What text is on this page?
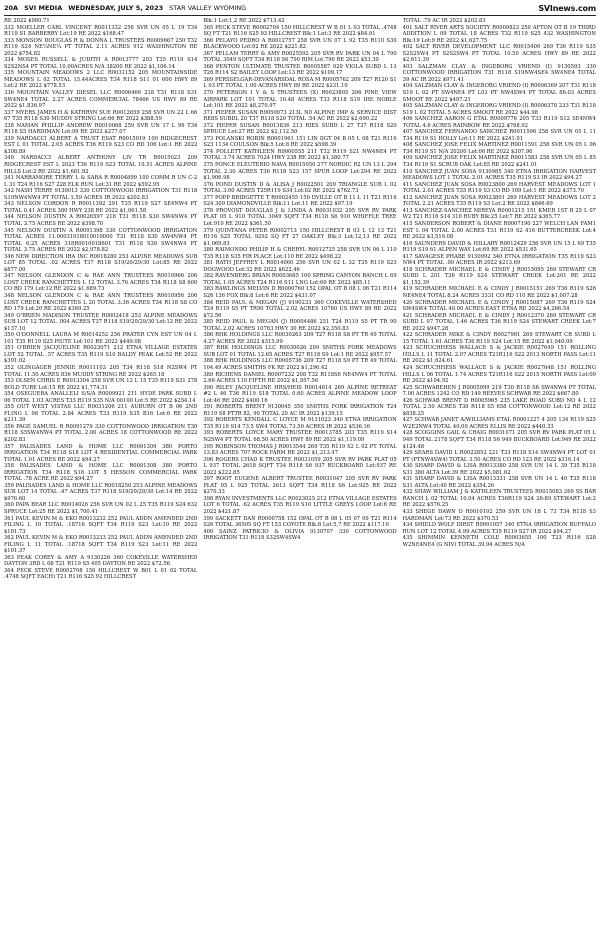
20A SVI MEDIA WEDNESDAY, JULY 5, 2023 STAR VALLEY WYOMING	SVInews.com

RE 2022 $980.71

332 MOELLER CARL VINCENT R0011332 258 SVR UN 05 L 19 T34 R119 S1 BARBERRY Lot:19 RE 2022 $168.47

333 MONSON DOUGLAS R & DONNA L TRUSTEES R0009667 250 T32 R119 S24 NE¼NE¼ PT TOTAL 2.11 ACRES 912 WASHINGTON RE 2022 $754.82

334 MOSES RUSSELL & JUDITH A R0013777 203 T35 R119 S14 S2S2NS4 PT TOTAL 10.00ACRES N/A 38200 RE 2022 $1,106.14

335 MOUNTAIN MEADOWS 2 LLC R0031152 205 MOUNTAINSIDE MEADOWS L 02 TOTAL 15.44ACRES T34 R118 S11 01 600 HWY 89 Lot:2 RE 2022 $778.53

336 MOUNTAIN VALLEY DIESEL LLC R0006466 218 T31 R118 S31 SW4NE4 TOTAL 2.27 ACRES COMMERCIAL 78466 US HWY 89 RE 2022 $1,836.97

337 MYERS JAMES H & KATHRYN SUE R0012659 258 SVR UN 22 L 66 67 T35 R118 S30 MUDDY STRING Lot:66 RE 2022 $388.59

338 NAMAN PHILLIP ANDREW R0010068 259 SVR UN 17 L 99 T34 R118 S5 HARDIMAN Lot:99 RE 2022 $277.07

339 NARDACCI ALBERT A TRUST ESAT R0015019 100 RIDGECREST EST L 01 TOTAL 2.05 ACRES T36 R119 S23 CO RD 106 Lot:1 RE 2022 $308.89

340 NARDACCI ALBERT ANTHONY LIV TR R0015023 209 RIDGECREST EST L 2023 T36 R119 S23 TOTAL 10.51 ACRES ALPINE HILLS Lot:2 RE 2022 $1,681.92

341 NARRAMORE TERRY L & SARA R R0004899 100 COMM R UN C-2 L 31 T24 R116 S27 228 ELK RUN Lot:31 RE 2022 $592.95

342 NASH TERRY 9130013 330 COTTONWOOD IRRIGATION T31 R118 S19NW4NW4 PT TOTAL 1.59 ACRES IR 2022 $202.83

343 NELSON CORDON R R0011392 291 T35 R119 S27 SE4NW4 PT TOTAL 0.41 ACRES 380 HWY 238 RE 2022 $1,061.58

344 NELSON DUSTIN A R0026597 218 T31 R118 S30 SW4NW4 PT TOTAL 3.75 ACRES RE 2022 $398.70

345 NELSON DUSTIN A R0091398 330 COTTONWOOD IRRIGATION TOTAL ACRES 11.00031018010010000 T31 R118 S30 SW4NW4 PT TOTAL 6.25 ACRES 318R0010018601 T31 R118 S30 SW4NW4 PT TOTAL 3.75 ACRES RE 2022 $2,978.82

346 NEW DIRECTION IRA INC R0018280 253 ALPINE MEADOWS SUB LOT 85 TOTAL .02 ACRES T37 R118 S19/20/29/30 Lot:85 RE 2022 $877.00

347 NELSON GLENDON C & RAE ANN TRUSTEES R0010966 206 LOST CREEK RANCHETTES L 12 TOTAL 3.76 ACRES T34 R118 S8 600 CO RD 179 Lot:12 RE 2022 $1,689.73

348 NELSON GLENDON C & RAE ANN TRUSTEES R0010956 206 LOST CREEK RANCHETTES L 20 TOTAL 3.36 ACRES T34 R118 S8 CO RD 179 Lot:20 RE 2022 $369.25

349 O'BRIEN MADISON TRUSTEE R0002418 253 ALPINE MEADOWS SUB LOT 12 TOTAL .004 ACRES T37 R118 S19/20/29/30 Lot:12 RE 2022 $137.10

350 O'DONNELL LAURA M R0014252 256 PRATER CYN EST UN 04 L 101 T35 R119 S25 PIUTE Lot:101 RE 2022 $449.08

351 O'BRIEN JACQUELINE R0023071 212 ETNA VILLAGE ESTATES LOT 52 TOTAL .57 ACRES T35 R119 S10 BALDY PEAK Lot:52 RE 2022 $391.02

352 OLINGAGER JENNIE R0011103 205 T34 R118 S18 N2SW4 PT TOTAL 11.50 ACRES 836 MUDDY STRING RE 2022 $265.18

353 OLSEN CHRIS E R0013304 258 SVR UN 12 L 15 T35 R119 S31 278 BOLD TURE Lot:15 RE 2022 $1,774.31

354 OSEGUERA ANALLELI S/S/A R0009921 211 HYDE PARK SUBD L 06 TOTAL 1.03 ACRES T33 R119 S35 N/A 00100 Lot:5 RE 2022 $254.14

355 OUT WEST VISTAS LLC R0031206 211 AUBURN OT B 06 2ND FLING L 06 TOTAL 2.84 ACRES T33 R119 S35 B16 Lot:6 RE 2022 $211.39

356 PAGE SAMUEL R R0091279 330 COTTONWOOD IRRIGATION T30 R118 S5SW4NW4 PT TOTAL 2.00 ACRES 18 COTTONWOOD RE 2022 $202.83

357 PALISADES LAND & HOME LLC R0091309 380 PORTO IRRIGATION T34 R118 S18 LOT 4 RESIDENTIAL COMMERCIAL PARK TOTAL 1.01 ACRES RE 2022 $94.27

358 PALISADES LAND & HOME LLC R0091308 380 PORTO IRRIGATION T34 R118 S18 LOT 5 HESSON COMMERCIAL PARK TOTAL .78 ACRE RE 2022 $94.27

359 PALISADES LAND & HOME LLC R0018250 253 ALPINE MEADOWS SUB LOT 14 TOTAL .47 ACRES T37 R118 S19/20/29/30 Lot:14 RE 2022 $976.60

360 PAPA BEAR LLC R0014026 256 SVR UN 02 L 25 T35 R119 S24 632 SPRUCE Lot:25 RE 2022 $1,700.41

361 PAUL KEVIN M & EKO R0013232 252 PAUL ADDN AMENDED 2ND FILING L 10 TOTAL .18716 SQFT T34 R119 S23 Lot:10 RE 2022 $101.73

362 PAUL KEVIN M & EKO R0013233 252 PAUL ADDN AMENDED 2ND FILING L 11 TOTAL .18718 SQFT T34 R119 S23 Lot:11 RE 2022 $101.37

363 PEAK COREY & AMY A 9130226 360 COKEVILLE WATERSHED DAYTON 3RD L 08 T21 R119 S5 405 DAYTON RE 2022 $72.56

364 PECK STEVE R0002708 150 HILLCREST W B01 L 01 02 TOTAL .4748 SQFT EACH) T21 R116 S25 92 HILLCREST

Blk:1 Lot:1,2 RE 2022 $713.42

365 PECK STEVE R0002704 150 HILLCREST W B 01 L 03 TOTAL .4748 SQ FT T21 R116 S25 93 HILLCREST Blk:1 Lot:3 RE 2022 $84.91

366 PELAYO PEDRO A R0012757 258 SVR UN 07 L 92 T35 R110 S30 BLACKWOOD Lot:92 RE 2022 $221.82

367 PELLAM TERRY & AMY R0025592 205 SVR RV PARK UN 04 L 790 TOTAL 3049 SQFT T34 R118 S6 790 RIM Lot:790 RE 2022 $53.30

368 PENTON ULTIMATE TRUSTEE R0005587 920 VIOLA SUBD L 13 T26 R114 S2 BAILEY LOOP Lot:13 RE 2022 $109.17

369 PERSSELGAR-DEVANARSDAL ROSA M R0005762 209 T27 R120 S1 L 03 PT TOTAL 1.00 ACRES HWY 89 RE 2022 $231.10

370 PETERSON I V & S TRUSTEES (X) R0023805 206 PINE VIEW AIRPARK LOT 101 TOTAL 10.48 ACRES T33 R118 S19 IHE NOBLE Lot:101 RE 2022 $8,270.97

371 PIEPER SUSAN R9050073 213L N0 ALPINE IMP & SERVICE DIST RE8S SUBDL 20 T37 R118 S20 TOTAL .54 AC RE 2022 $2,690.22

372 PIEPER SUSAN R0013836 213 RIES SUBD L 27 T37 R118 S20 SPRUCE Lot:27 RE 2022 $2,112.50

373 POLANSKI ROBIN R0001961 151 LIN IIGT 04 B 05 L 08 T21 R116 S23 1134 COULSON Blk:5 Lot:8 RE 2022 $598.39

374 POLLETT KATHLEEN R0000555 211 T32 R119 S21 NW4NE4 PT TOTAL 3.74 ACRES 7024 HWY 238 RE 2022 $1,380.77

375 PONCE ELEUTERIO NAVA R0015050 277 NORDIC R2 UN 13 L 294 TOTAL 2.30 ACRES T36 R118 S23 157 SPUR LOOP Lot:294 RE 2022 $1,906.98

376 POND DUSTIN D & ALISA J R0022501 209 TRIANGLE SUB L 02 TOTAL 3.00 ACRES T25R119 S34 Lot:02 RE 2022 $762.73

377 POPP BRIDGETTE T R0002455 150 DVILLE OT B 11 L 11 T21 R116 S24 309 DIAMONDVILLE Blk:11 Lot:11 RE 2022 $97.19

378 PROVOST DOUGLAS J & LINDA A R0031032 205 SVR RV PARK PLAT 05 L 910 TOTAL 3049 SQFT T34 R118 S6 910 WHIFFLE TREE Lot:910 RE 2022 $361.50

379 QUINTANA PETER R0002713 150 HILLCREST B 03 L 12 13 T21 R116 S25 TOTAL 9292 SQ FT 27 OAKLEY Blk:3 Lot:12,13 RE 2022 $1,069.83

380 RAIMONDO PHILIP H & CHERYL R0012725 258 SVR UN 06 L 110 T35 R118 S35 FIR PLACE Lot:110 RE 2022 $498.22

381 RATH JEFFREY L R0014060 256 SVR UN 02 L 32 T35 R119 S23 DOGWOOD Lot:32 RE 2022 $622.46

382 RAVENBERG BRIAN R0003685 100 SPRING CANYON RANCH L 69 TOTAL 1.05 ACRES T24 R116 S11 LNG Lot:69 RE 2022 $85.11

383 RAWLINGS MELVIN D R0000760 152 OPAL OT B 08 L 06 T21 R114 S26 136 FOX Blk:8 Lot:6 RE 2022 $431.07

384 REID PAUL & MEGAN (J) 9190233 360 COKEVILLE WATERSHED T24 R119 S5 PT TR90 TOTAL 2.02 ACRES 10760 US HWY 89 RE 2022 $72.56

385 REID PAUL & MEGAN (J) R0004486 251 T24 R119 S5 PT TR 90 TOTAL 2.02 ACRES 10763 HWY 30 RE 2022 $2,350.83

386 RHK HOLDINGS LLC R0030263 209 T27 R118 S8 PT TR 49 TOTAL 4.27 ACRES RE 2022 $315.99

387 RHK HOLDINGS LLC R0030026 209 SMITHS FORK MEADOWS SUB LOT 01 TOTAL 12.65 ACRES T27 R118 S9 Lot:1 RE 2022 $957.57

388 RHK HOLDINGS LLC R0005736 209 T27 R118 S9 PT TR 49 TOTAL 104.49 ACRES SMITHS FK RE 2022 $1,296.42

389 RICHENS DANIEL R0007232 208 T32 R118S6 NE4NW4 PT TOTAL 2.66 ACRES 110 FIFTH RE 2022 $1,957.56

390 RILEY JACQUELINE HRS/HEIS R0014614 269 ALPINE RETREAT #2 L 46 T36 R119 S18 TOTAL 0.60 ACRES ALPINE MEADOW LOOP Lot:46 RE 2022 $400.16

391 ROBERTS BRENT 9130045 350 SMITHS FORK IRRIGATION T24 R119 S8 PTTR 82, 90 TOTAL 20 AC IR 2022 $139.15

392 ROBERTS KENDALL C LOYCE M 9131023 340 ETNA IRRIGATION T35 R119 S14 73.5 SW4 TOTAL 73.50 ACRES IR 2022 $536.16

393 ROBERTS LOYCE MARY TRUSTEE R0013785 203 T35 R119 S14 N2SW4 PT TOTAL 68.50 ACRES HWY 89 RE 2022 $1,119.09

395 ROBINSON THOMAS J R0013544 269 T35 R119 S2 L 02 PT TOTAL 13.83 ACRES 707 ROCK FARM RE 2022 $1,213.47

396 ROGERS CHAD K TRUSTEE R0031059 205 SVR RV PARK PLAT 05 L 937 TOTAL 2618 SQFT T34 R118 S6 937 BUCKBOARD Lot:937 RE 2022 $222.85

397 ROOT EUGENE ALBERT TRUSTEE R0031047 205 SVR RV PARK PLAT 05 L 925 TOTAL 2613 SQFT T34 R118 S6 Lot:925 RE 2022 $270.33

398 RYAN INVESTMENTS LLC R0023025 212 ETNA VILLAGE ESTATES LOT 6 TOTAL .62 ACRES T35 R119 S10 LITTLE GREYS LOOP Lot:6 RE 2022 $421.87

399 SACKETT DAN R0000758 152 OPAL OT B 08 L 05 07 09 T21 R114 S26 TOTAL 36505 SQ FT 153 COYOTE Blk:8 Lot:5,7 RE 2022 $117.10

400 SAINZ PATRICIO & OLIVIA 9130707 330 COTTONWOOD IRRIGATION T31 R118 S32SW4SW4

TOTAL .79 AC IR 2022 $202.83

401 SALT RIVER ARTS SOCIETY R0009823 250 AFTON OT B 19 THIRD ADDITION L 09 TOTAL 18 ACRES T32 R119 S25 432 WASHINGTON Blk:19 Lot:9 RE 2022 $1,627.75

402 SALT RIVER DEVELOPMENT LLC R0015409 269 T36 R119 S35 S2S2SW4 PT S2S2SW4 PT TOTAL 10.50 ACRES HWY 89 RE 2022 $2,611.39

403 SALZMAN CLAY & INGEBORG VRIEND (I) 9130593 330 COTTONWOOD IRRIGATION T31 R118 S19NW4SE4 SW4NE4 TOTAL 39 AC IR 2022 $971.41

404 SALZMAN CLAY & INGEBORG VRIEND (I) R0006369 207 T31 R118 S19 L 02 PT SW4NE4 PT L03 PT NW4SW4 PT TOTAL 86.03 ACRES SMOOT RE 2022 $497.21

405 SALZMAN CLAY & INGEBORG VRIEND (I) R0006370 233 T31 R118 S19 L 02 TOTAL 5 ACRES SMOOT RE 2022 $44.98

406 SANCHEZ AARON G ETAL R0009776 205 T33 R119 S12 SE4NW4 TOTAL 4.6 ACRES RAINBOW RE 2022 $768.92

407 SANCHEZ FERNANDO SANCHEZ R0011596 258 SVR UN 05 L 11 T34 R119 S1 HOLLY Lot:11 RE 2022 $241.01

408 SANCHEZ JOSE FELIX MARTINEZ R0011591 258 SVR UN 05 L 06 T34 R119 S1 N/A 20200 Lot:06 RE 2022 $307.96

409 SANCHEZ JOSE FELIX MARTINEZ R0011583 258 SVR UN 05 L 85 T34 R119 S1 SCRUB OAK Lot:85 RE 2022 $241.01

410 SANCHEZ JUAN SOSA 9130985 340 ETNA IRRIGATION HARVEST MEADOWS LOT 1 TOTAL 2.01 ACRES T35 R119 S3 IR 2022 $94.27

411 SANCHEZ JUAN SOSA R0023800 269 HARVEST MEADOWS LOT 1 TOTAL 2.01 ACRES T35 R119 S3 CO RD 109 Lot:1 RE 2022 $373.70

412 SANCHEZ JUAN SOSA R0023801 269 HARVEST MEADOWS LOT 2 TOTAL 2.21 ACRES T35 R119 S3 Lot:2 RE 2022 $846.69

413 SANCHEZ-SANCHEZ MIREYA R0001215 151 KMER 1ST B 25 L 07 W2 T21 R116 S14 310 RUBY Blk:25 Lot:7 RE 2022 $365.77

415 SANDERSON ROBERT & DIANE R0007190 227 WELCH LAN FAM1 EST L 04 TOTAL 2.00 ACRES T31 R119 S2 416 BUTTERCREEK Lot:4 RE 2022 $3,519.08

416 SAUNDERS DAVID & HILLARY R0012429 256 SVR UN 15 L 69 T35 R119 S19 61 ALPEN WAY Lot:69 RE 2022 $531.65

417 SAVAGESE PHABE 9130992 340 ETNA IRRIGATION T35 R119 S23 NW4 PT TOTAL .00 ACRES IR 2022 $213.69

418 SCHRADER MICHAEL E & CINDY J R0015095 269 STEWART CR SUBD L 201 T36 R119 S24 STEWART CREEK Lot:201 RE 2022 $1,152.39

419 SCHRADER MICHAEL E & CINDY J R0015151 269 T36 R119 S26 NE4NE4 TOTAL 8.24 ACRES 3331 CO RD 110 RE 2022 $1,007.28

420 SCHRADER MICHAEL E & CINDY J R0015087 269 T36 R119 S24 SW4SW4 TOTAL 40.00 ACRES EAST ETNA RE 2022 $4,266.54

421 SCHRADER MICHAEL E & CINDY J R0012370 269 STEWART CR SUBD L 07 TOTAL 1.46 ACRES T36 R119 S24 STEWART CREEK Lot:7 RE 2022 $947.28

422 SCHRADER MIKE & CINDY R0027961 269 STEWART CR SUBD L 15 TOTAL 1.61 ACRES T36 R119 S24 Lot:15 RE 2022 $1,040.09

423 SCHUCHHESS WALLACE S & JACKIE R0027649 151 ROLLING HILLS L 11 TOTAL 2.07 ACRES T21R116 S22 2013 NORTH PASS Lot:11 RE 2022 $1,624.61

424 SCHUCHHESS WALLACE S & JACKIE R0027648 151 ROLLING HILLS L 06 TOTAL 1.74 ACRES T21R116 S22 2015 NORTH PASS Lot:09 RE 2022 $104.92

425 SCHWABEHEN J R0005099 219 T30 R118 S6 SW4NW4 PT TOTAL 7.00 ACRES 1242 CO RD 149 REEVES SCHWAB RE 2022 $667.80

426 SCHWAB BRENT D R0005965 235 LAKE ROAD SUBD NO 4 L 12 TOTAL 2.50 ACRES T30 R118 S5 658 COTTONWOOD Lot:12 RE 2022 $838.25

427 SCHWAB JANET A/WILLIAMS ETAL R0001227 4 205 134 R119 S25 W2E2NW4 TOTAL 40.00 ACRES ELLIS RE 2022 $440.33

428 SCOGGINS GAIL & CRAIG R0031071 205 SVR RV PARK PLAT 05 L 949 TOTAL 2178 SQFT T34 R118 S6 949 BUCKBOARD Lot:949 RE 2022 $124.48

429 SEARS DAVID L R0022852 221 T33 R118 S14 SW4NW4 PT LOT 01 PT (PTNW4SW4) TOTAL 3.50 ACRES CO RD 123 RE 2022 $316.14

430 SHARP DAVID & LISA R0013380 258 SVR UN 14 L 39 T35 R118 S31 380 ALTA Lot:39 RE 2022 $5,081.62

431 SHARP DAVID & LISA R0013331 258 SVR UN 14 L 40 T35 R118 S31 ALTA Lot:40 RE 2022 $354.26

432 SHAW WILLIAM J & KATHLEEN TRUSTEES R0015083 269 SS BAR RANCH L 02 TOTAL 10.04 ACRES T36R119 S24 26-89 STEWART Lot:2 RE 2022 $576.25

433 SHEGE DAWN D R0010192 259 SVR UN 18 L 73 T34 R118 S3 HARDMAN Lot:73 RE 2022 $370.53

434 SHIELD WOLF DIRST R0091057 340 ETNA IRRIGATION BUFFALO RUN LOT 12 TOTAL 4.99 ACRES T35 R119 S27 IR 2022 $94.27

435 SHIMMIN KENNETH COLE R0003655 100 T23 R116 S28 W2NE4NE4 (G NIV) TOTAL 39.94 ACRES N/A
